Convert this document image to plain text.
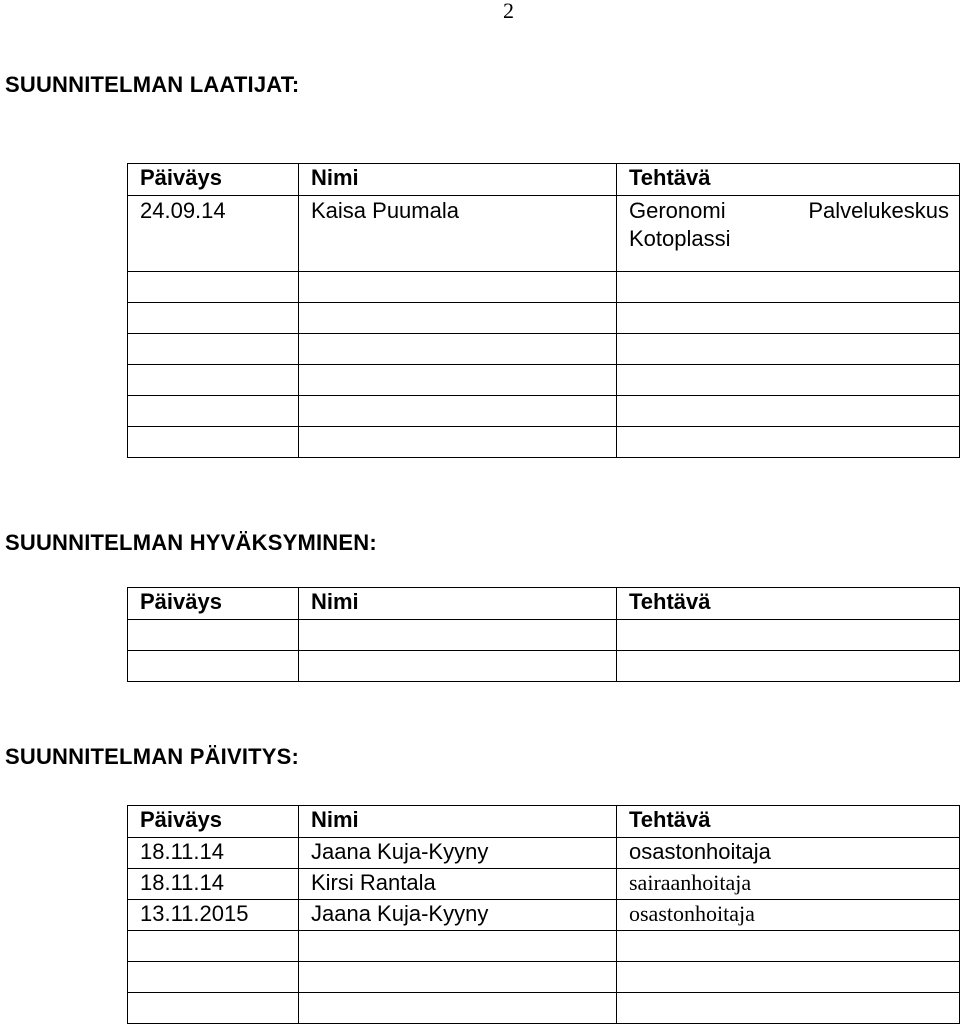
2
SUUNNITELMAN LAATIJAT:
Päiväys	Nimi	Tehtävä
24.09.14	Kaisa Puumala	Geronomi Palvelukeskus
Kotoplassi

SUUNNITELMAN HYVÄKSYMINEN:
Päiväys	Nimi	Tehtävä

SUUNNITELMAN PÄIVITYS:
Päiväys	Nimi	Tehtävä
18.11.14	Jaana Kuja-Kyyny	osastonhoitaja
18.11.14	Kirsi Rantala	sairaanhoitaja
13.11.2015	Jaana Kuja-Kyyny	osastonhoitaja
